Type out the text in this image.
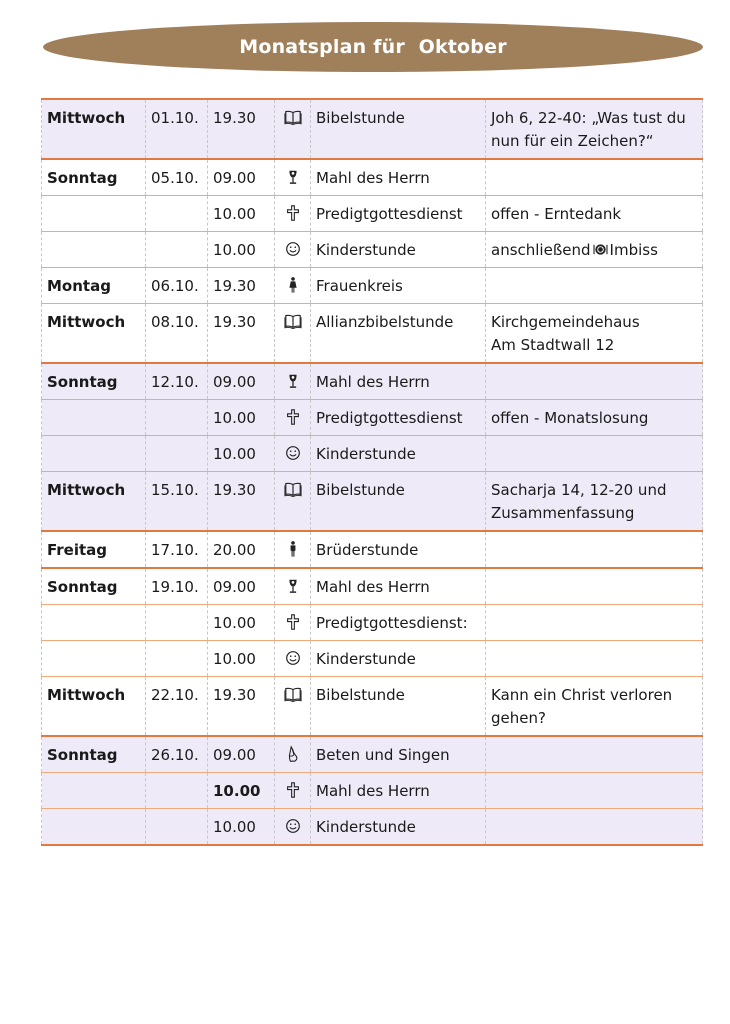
Monatsplan für  Oktober
Mittwoch	01.10.	19.30		Bibelstunde	Joh 6, 22-40: „Was tust du nun für ein Zeichen?“
Sonntag	05.10.	09.00		Mahl des Herrn	
		10.00		Predigtgottesdienst	offen - Erntedank
		10.00		Kinderstunde	anschließend Imbiss
Montag	06.10.	19.30		Frauenkreis	
Mittwoch	08.10.	19.30		Allianzbibelstunde	Kirchgemeindehaus
Am Stadtwall 12

Sonntag	12.10.	09.00		Mahl des Herrn	
		10.00		Predigtgottesdienst	offen - Monatslosung
		10.00		Kinderstunde	
Mittwoch	15.10.	19.30		Bibelstunde	Sacharja 14, 12-20 und Zusammenfassung
Freitag	17.10.	20.00		Brüderstunde	
Sonntag	19.10.	09.00		Mahl des Herrn	
		10.00		Predigtgottesdienst:	
		10.00		Kinderstunde	
Mittwoch	22.10.	19.30		Bibelstunde	Kann ein Christ verloren gehen?
Sonntag	26.10.	09.00		Beten und Singen	
		10.00		Mahl des Herrn	
		10.00		Kinderstunde	
